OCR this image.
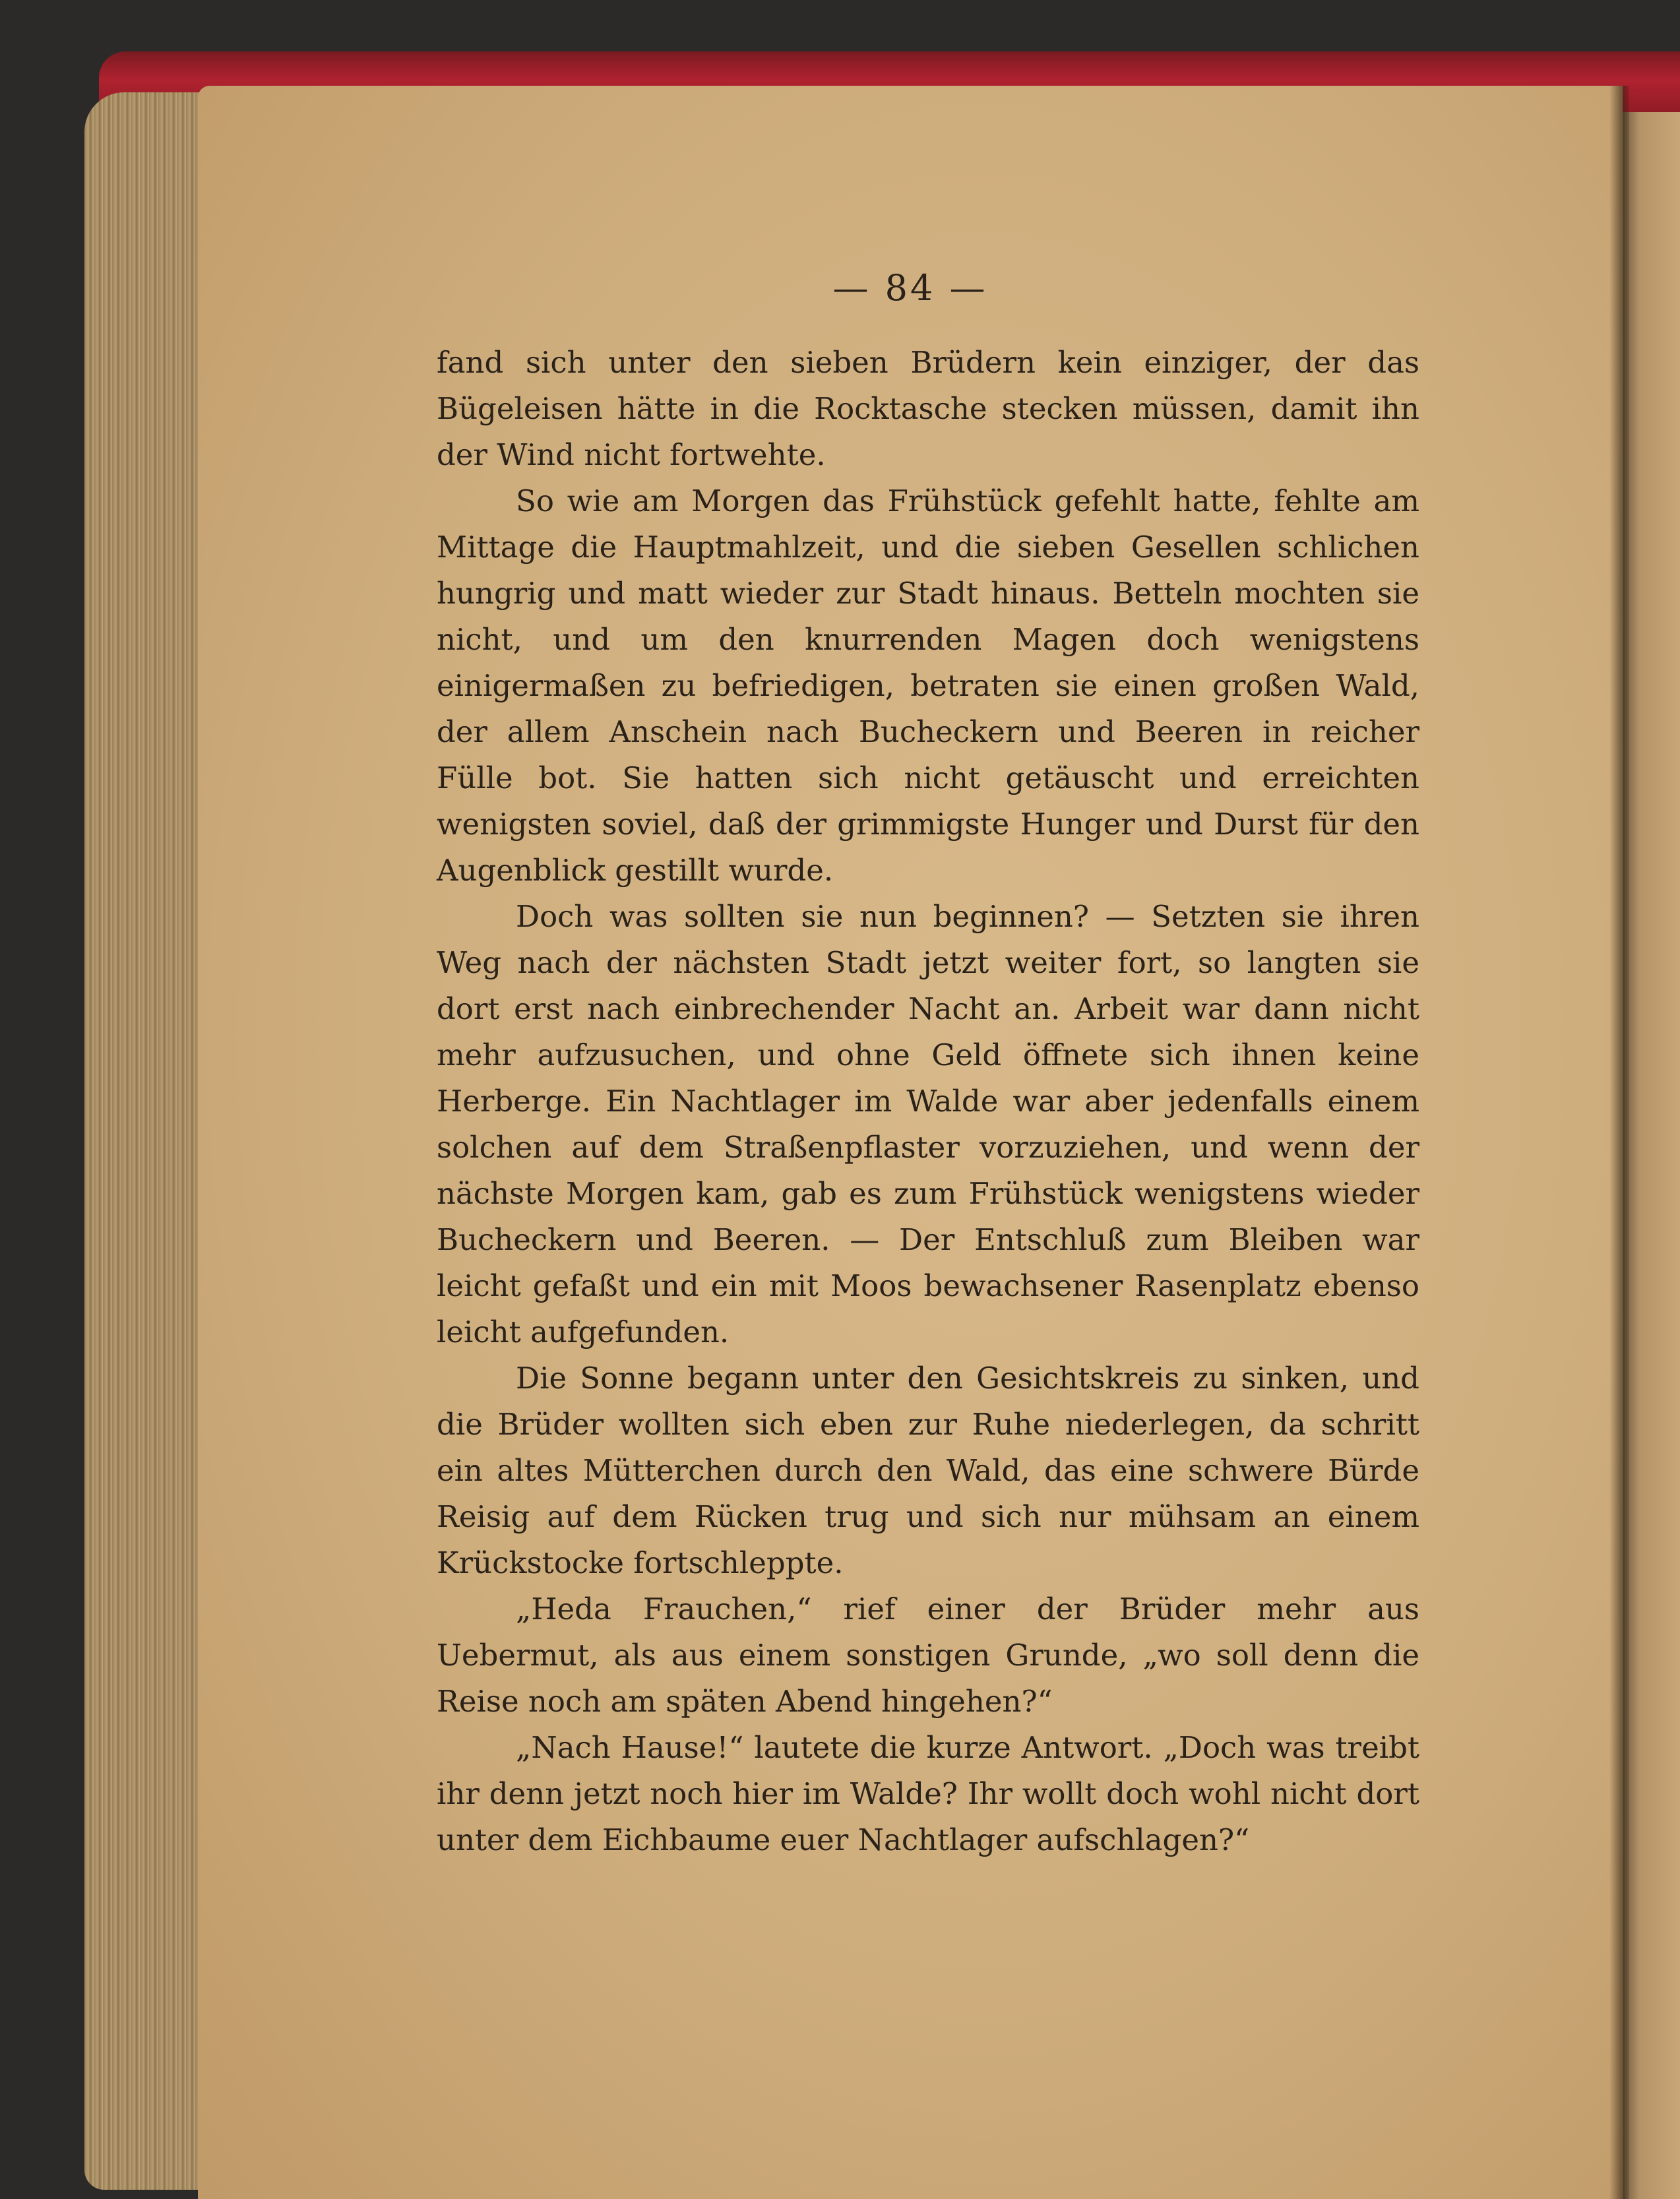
— 84 —

fand sich unter den sieben Brüdern kein einziger, der das Bügeleisen hätte in die Rocktasche stecken müssen, damit ihn der Wind nicht fortwehte.

So wie am Morgen das Frühstück gefehlt hatte, fehlte am Mittage die Hauptmahlzeit, und die sieben Gesellen schlichen hungrig und matt wieder zur Stadt hinaus. Betteln mochten sie nicht, und um den knurrenden Magen doch wenigstens einigermaßen zu befriedigen, betraten sie einen großen Wald, der allem Anschein nach Bucheckern und Beeren in reicher Fülle bot. Sie hatten sich nicht getäuscht und erreichten wenigsten soviel, daß der grimmigste Hunger und Durst für den Augenblick gestillt wurde.

Doch was sollten sie nun beginnen? — Setzten sie ihren Weg nach der nächsten Stadt jetzt weiter fort, so langten sie dort erst nach einbrechender Nacht an. Arbeit war dann nicht mehr aufzusuchen, und ohne Geld öffnete sich ihnen keine Herberge. Ein Nachtlager im Walde war aber jedenfalls einem solchen auf dem Straßenpflaster vorzuziehen, und wenn der nächste Morgen kam, gab es zum Frühstück wenigstens wieder Bucheckern und Beeren. — Der Entschluß zum Bleiben war leicht gefaßt und ein mit Moos bewachsener Rasenplatz ebenso leicht aufgefunden.

Die Sonne begann unter den Gesichtskreis zu sinken, und die Brüder wollten sich eben zur Ruhe niederlegen, da schritt ein altes Mütterchen durch den Wald, das eine schwere Bürde Reisig auf dem Rücken trug und sich nur mühsam an einem Krückstocke fortschleppte.

„Heda Frauchen,“ rief einer der Brüder mehr aus Uebermut, als aus einem sonstigen Grunde, „wo soll denn die Reise noch am späten Abend hingehen?“

„Nach Hause!“ lautete die kurze Antwort. „Doch was treibt ihr denn jetzt noch hier im Walde? Ihr wollt doch wohl nicht dort unter dem Eichbaume euer Nachtlager aufschlagen?“
